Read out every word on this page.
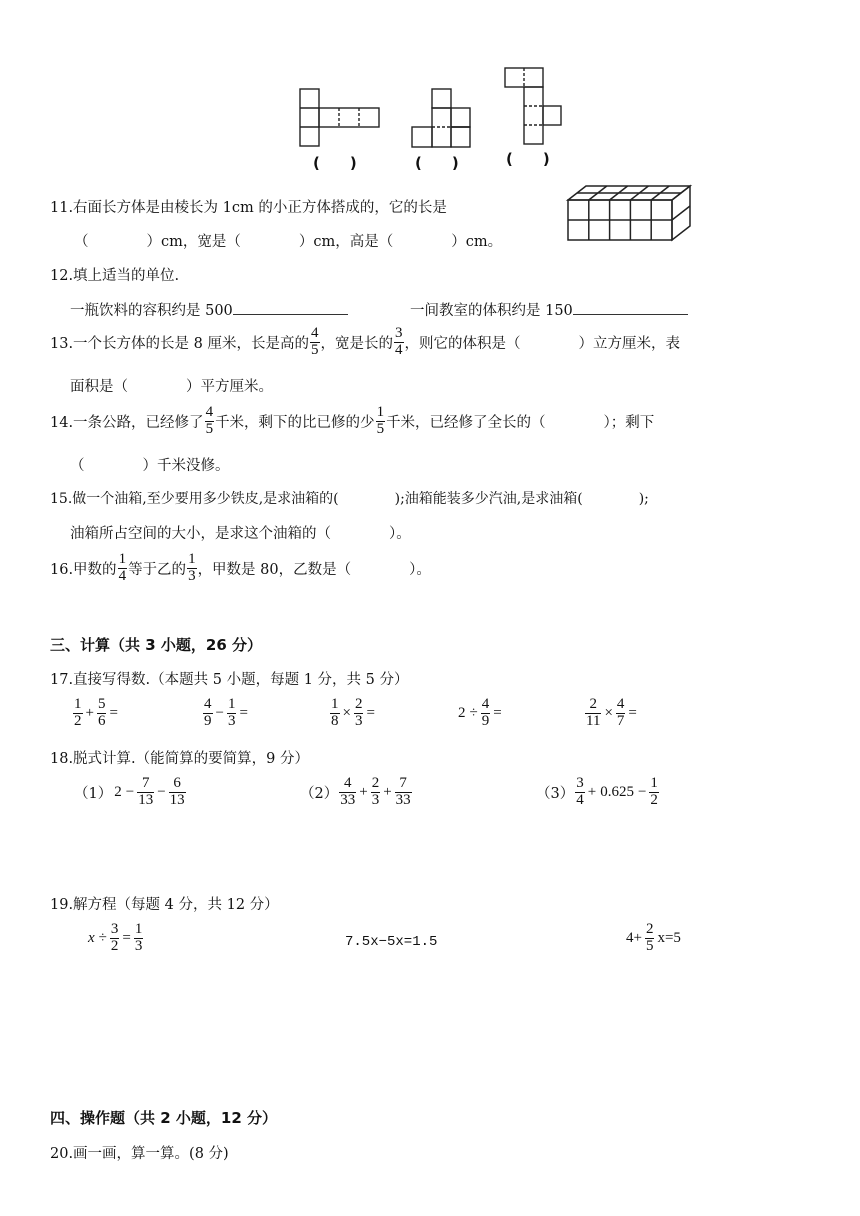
(　　)	(　　)	(　　)
11.右面长方体是由棱长为 1cm 的小正方体搭成的，它的长是
（　　　　）cm，宽是（　　　　）cm，高是（　　　　）cm。
12.填上适当的单位.
一瓶饮料的容积约是 500	一间教室的体积约是 150
13.一个长方体的长是 8 厘米，长是高的 $\frac{4}{5}$ ，宽是长的 $\frac{3}{4}$ ，则它的体积是（　　　　）立方厘米，表
面积是（　　　　）平方厘米。
14.一条公路，已经修了 $\frac{4}{5}$ 千米，剩下的比已修的少 $\frac{1}{5}$ 千米，已经修了全长的（　　　　）；剩下
（　　　　）千米没修。
15.做一个油箱,至少要用多少铁皮,是求油箱的(　　　　);油箱能装多少汽油,是求油箱(　　　　);
油箱所占空间的大小，是求这个油箱的（　　　　）。
16.甲数的 $\frac{1}{4}$ 等于乙的 $\frac{1}{3}$ ，甲数是 80，乙数是（　　　　）。
三、计算（共 3 小题，26 分）
17.直接写得数.（本题共 5 小题，每题 1 分，共 5 分）
$\frac{1}{2} + \frac{5}{6}$ =	$\frac{4}{9} - \frac{1}{3}$ =	$\frac{1}{8} \times \frac{2}{3}$ =	$2 \div \frac{4}{9}$ =	$\frac{2}{11} \times \frac{4}{7}$ =
18.脱式计算.（能简算的要简算，9 分）
（1） $2 - \frac{7}{13} - \frac{6}{13}$	$(2) \frac{4}{33} + \frac{2}{3} + \frac{7}{33}$	$(3) \frac{3}{4} + 0.625 - \frac{1}{2}$
19.解方程（每题 4 分，共 12 分）
$x \div \frac{3}{2} = \frac{1}{3}$	7.5x−5x=1.5	$4+ \frac{2}{5} x=5$
四、操作题（共 2 小题，12 分）
20.画一画，算一算。(8 分)
